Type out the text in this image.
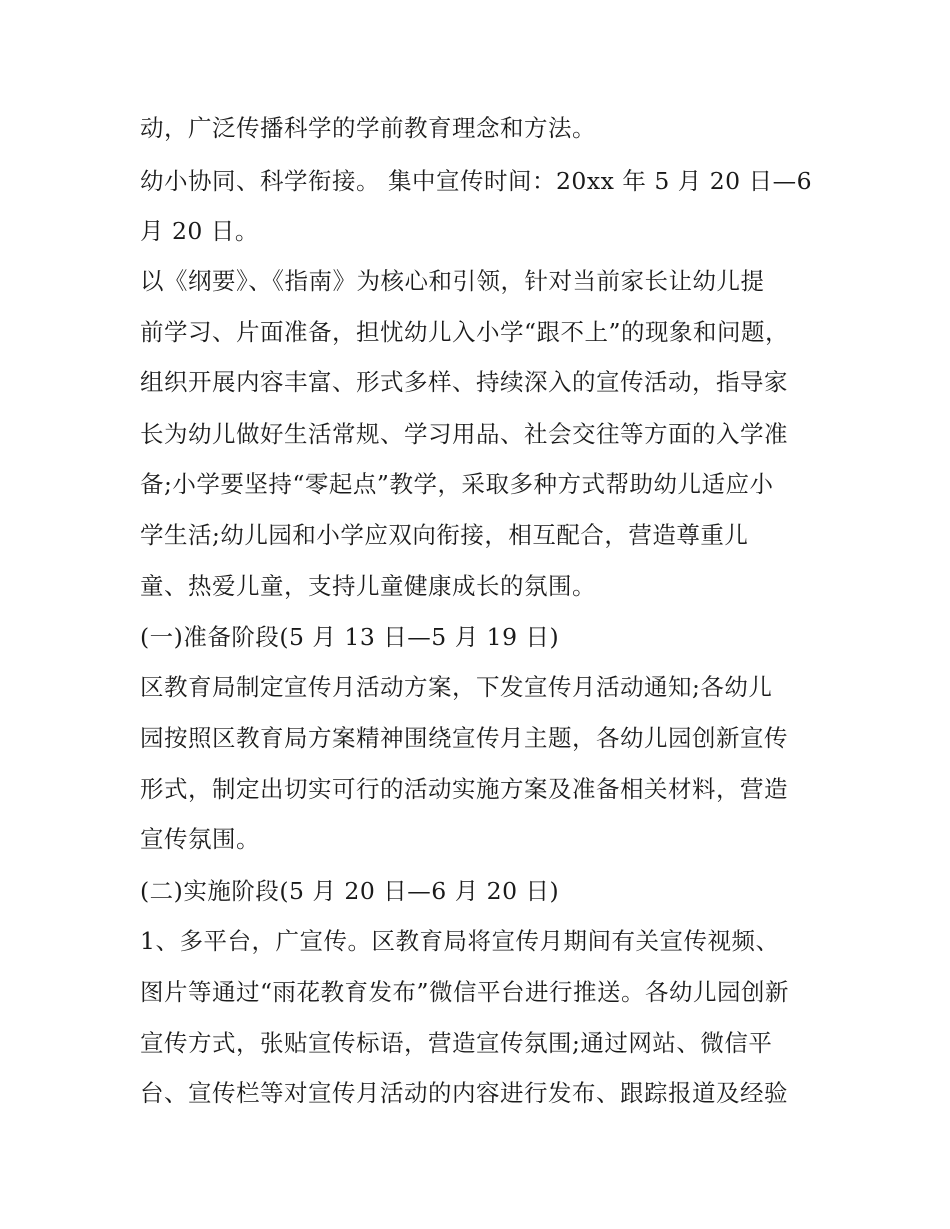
动，广泛传播科学的学前教育理念和方法。

幼小协同、科学衔接。 集中宣传时间：20xx 年 5 月 20 日—6

月 20 日。

以《纲要》、《指南》为核心和引领，针对当前家长让幼儿提

前学习、片面准备，担忧幼儿入小学“跟不上”的现象和问题，

组织开展内容丰富、形式多样、持续深入的宣传活动，指导家

长为幼儿做好生活常规、学习用品、社会交往等方面的入学准

备;小学要坚持“零起点”教学，采取多种方式帮助幼儿适应小

学生活;幼儿园和小学应双向衔接，相互配合，营造尊重儿

童、热爱儿童，支持儿童健康成长的氛围。

(一)准备阶段(5 月 13 日—5 月 19 日)

区教育局制定宣传月活动方案，下发宣传月活动通知;各幼儿

园按照区教育局方案精神围绕宣传月主题，各幼儿园创新宣传

形式，制定出切实可行的活动实施方案及准备相关材料，营造

宣传氛围。

(二)实施阶段(5 月 20 日—6 月 20 日)

1、多平台，广宣传。区教育局将宣传月期间有关宣传视频、

图片等通过“雨花教育发布”微信平台进行推送。各幼儿园创新

宣传方式，张贴宣传标语，营造宣传氛围;通过网站、微信平

台、宣传栏等对宣传月活动的内容进行发布、跟踪报道及经验
